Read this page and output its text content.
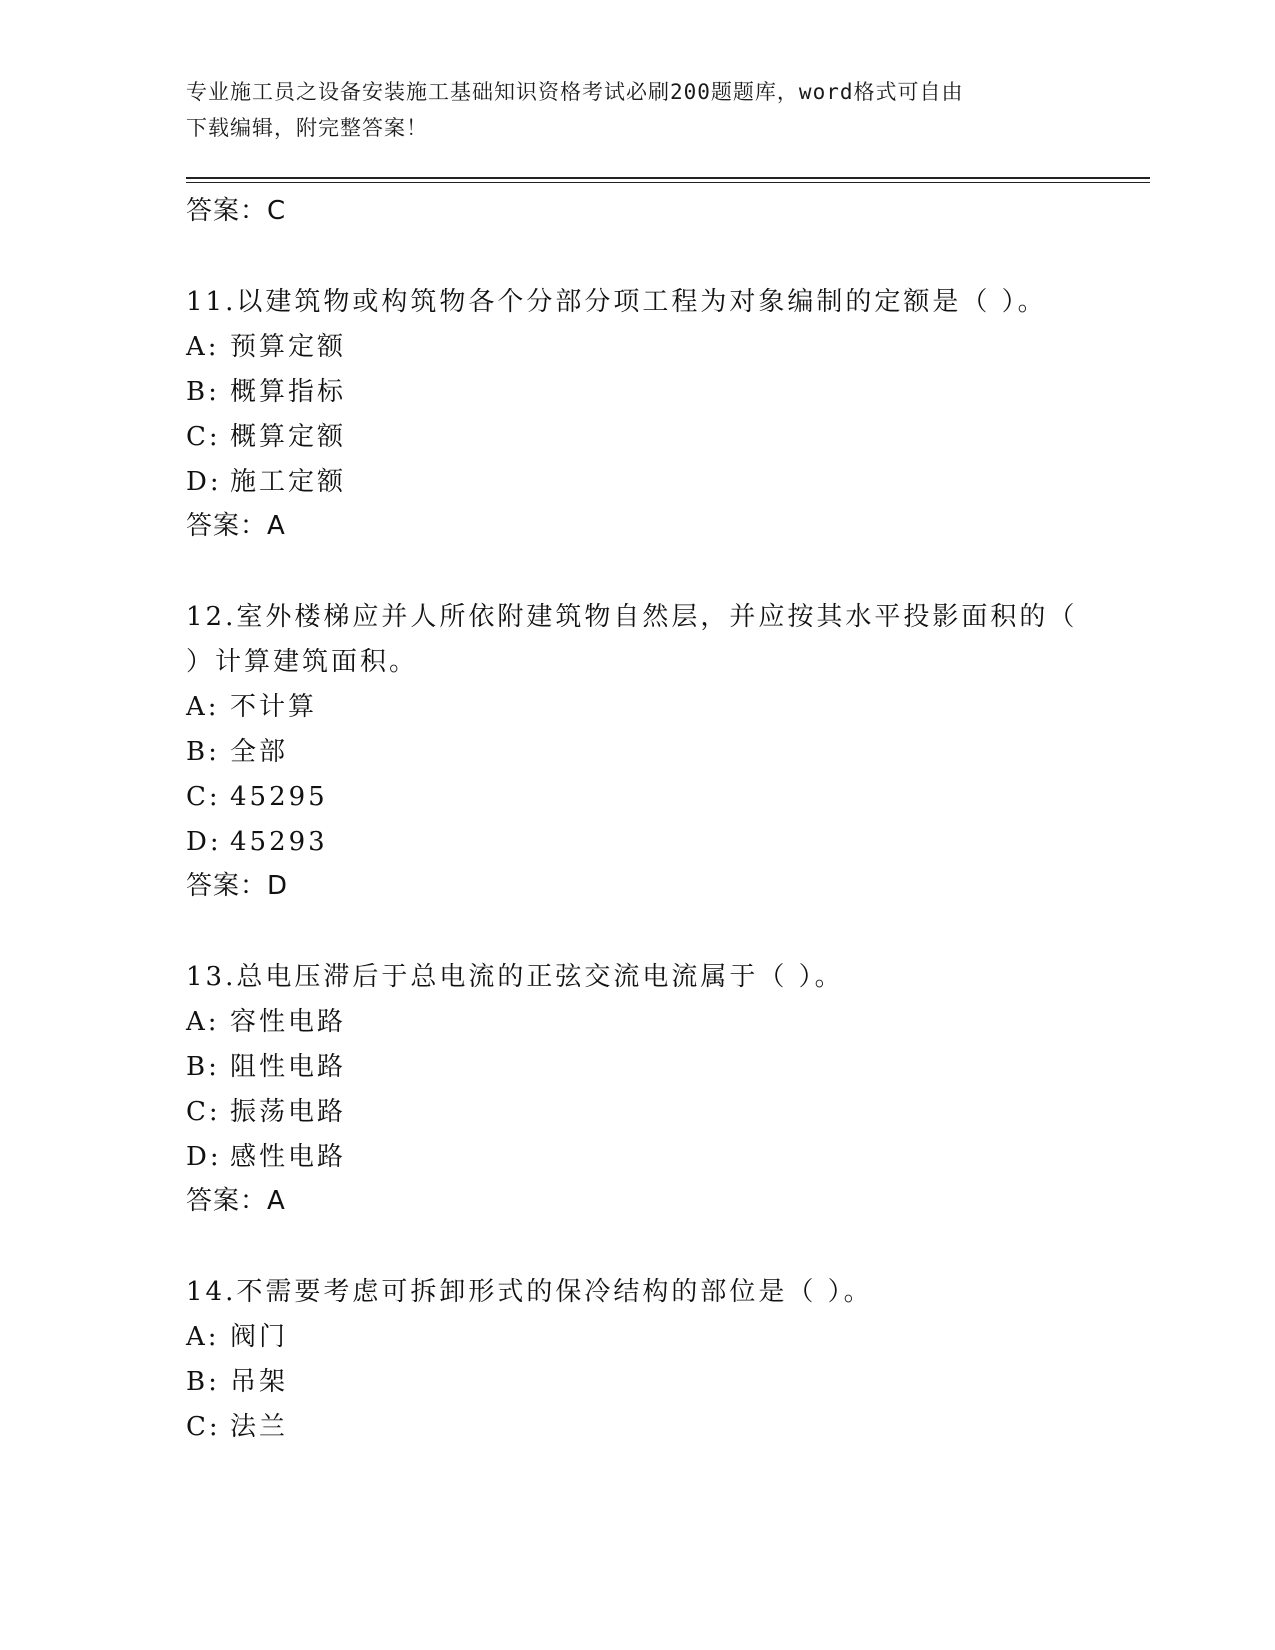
专业施工员之设备安装施工基础知识资格考试必刷200题题库，word格式可自由
下载编辑，附完整答案！
答案：C
11.以建筑物或构筑物各个分部分项工程为对象编制的定额是（ ）。
A: 预算定额
B: 概算指标
C: 概算定额
D: 施工定额
答案：A
12.室外楼梯应并人所依附建筑物自然层，并应按其水平投影面积的（
）计算建筑面积。
A: 不计算
B: 全部
C: 45295
D: 45293
答案：D
13.总电压滞后于总电流的正弦交流电流属于（ ）。
A: 容性电路
B: 阻性电路
C: 振荡电路
D: 感性电路
答案：A
14.不需要考虑可拆卸形式的保冷结构的部位是（ ）。
A: 阀门
B: 吊架
C: 法兰
